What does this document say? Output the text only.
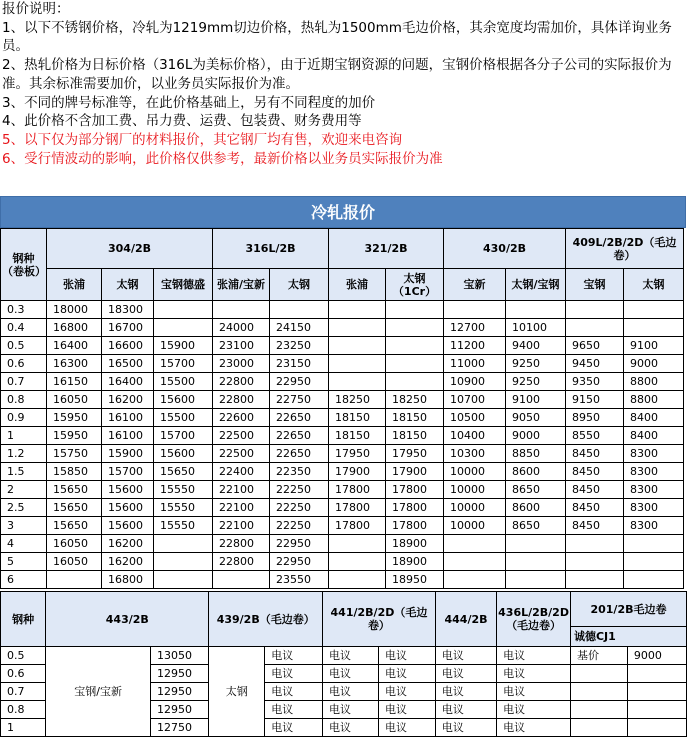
报价说明：
1、以下不锈钢价格，冷轧为1219mm切边价格，热轧为1500mm毛边价格，其余宽度均需加价，具体详询业务员。
2、热轧价格为日标价格（316L为美标价格），由于近期宝钢资源的问题，宝钢价格根据各分子公司的实际报价为准。其余标准需要加价，以业务员实际报价为准。
3、不同的牌号标准等，在此价格基础上，另有不同程度的加价
4、此价格不含加工费、吊力费、运费、包装费、财务费用等
5、以下仅为部分钢厂的材料报价，其它钢厂均有售，欢迎来电咨询
6、受行情波动的影响，此价格仅供参考，最新价格以业务员实际报价为准
冷轧报价
钢种（卷板）	304/2B			316L/2B		321/2B		430/2B		409L/2B/2D（毛边卷）	
	张浦	太钢	宝钢德盛	张浦/宝新	太钢	张浦	太钢（1Cr）	宝新	太钢/宝钢	宝钢	太钢
0.3	18000	18300									
0.4	16800	16700		24000	24150			12700	10100		
0.5	16400	16600	15900	23100	23250			11200	9400	9650	9100
0.6	16300	16500	15700	23000	23150			11000	9250	9450	9000
0.7	16150	16400	15500	22800	22950			10900	9250	9350	8800
0.8	16050	16200	15600	22800	22750	18250	18250	10700	9100	9150	8800
0.9	15950	16100	15500	22600	22650	18150	18150	10500	9050	8950	8400
1	15950	16100	15700	22500	22650	18150	18150	10400	9000	8550	8400
1.2	15750	15900	15600	22500	22650	17950	17950	10300	8850	8450	8300
1.5	15850	15700	15650	22400	22350	17900	17900	10000	8600	8450	8300
2	15650	15600	15550	22100	22250	17800	17800	10000	8650	8450	8300
2.5	15650	15600	15550	22100	22250	17800	17800	10000	8600	8450	8300
3	15650	15600	15550	22100	22250	17800	17800	10000	8650	8450	8300
4	16050	16200		22800	22950		18900				
5	16050	16200		22800	22950		18900				
6		16800			23550		18950				
钢种	443/2B		439/2B（毛边卷）		441/2B/2D（毛边卷）		444/2B	436L/2B/2D（毛边卷）	201/2B毛边卷	
									诚德CJ1	
0.5	宝钢/宝新	13050	太钢	电议	电议	电议	电议	电议	基价	9000
0.6		12950		电议	电议	电议	电议	电议		
0.7		12950		电议	电议	电议	电议	电议		
0.8		12950		电议	电议	电议	电议	电议		
1		12750		电议	电议	电议	电议	电议		
